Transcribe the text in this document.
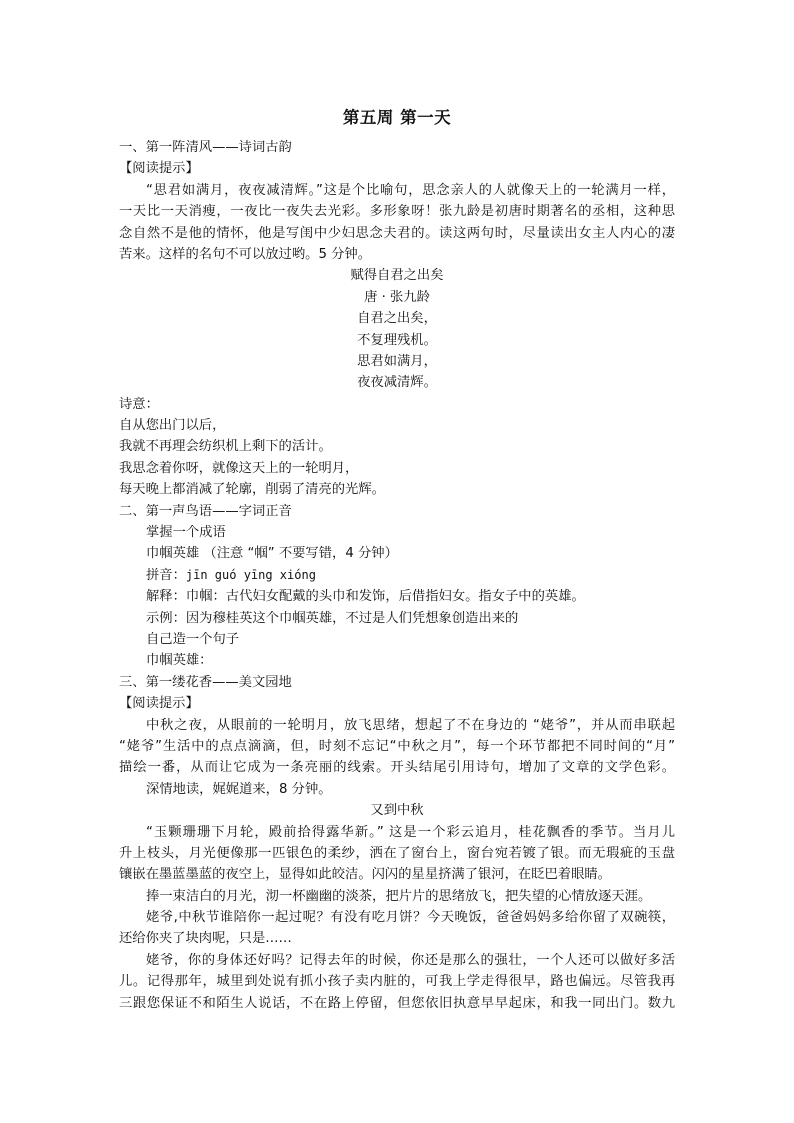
第五周 第一天
一、第一阵清风——诗词古韵
【阅读提示】
“思君如满月，夜夜减清辉。”这是个比喻句，思念亲人的人就像天上的一轮满月一样，
一天比一天消瘦，一夜比一夜失去光彩。多形象呀！张九龄是初唐时期著名的丞相，这种思
念自然不是他的情怀，他是写闺中少妇思念夫君的。读这两句时，尽量读出女主人内心的凄
苦来。这样的名句不可以放过哟。5 分钟。
赋得自君之出矣
唐 · 张九龄
自君之出矣，
不复理残机。
思君如满月，
夜夜减清辉。
诗意：
自从您出门以后，
我就不再理会纺织机上剩下的活计。
我思念着你呀，就像这天上的一轮明月，
每天晚上都消减了轮廓，削弱了清亮的光辉。
二、第一声鸟语——字词正音
掌握一个成语
巾帼英雄 （注意 “帼” 不要写错，4 分钟）
拼音：jīn guó yīng xióng
解释：巾帼：古代妇女配戴的头巾和发饰，后借指妇女。指女子中的英雄。
示例：因为穆桂英这个巾帼英雄，不过是人们凭想象创造出来的
自己造一个句子
巾帼英雄：
三、第一缕花香——美文园地
【阅读提示】
中秋之夜，从眼前的一轮明月，放飞思绪，想起了不在身边的 “姥爷”，并从而串联起
“姥爷”生活中的点点滴滴，但，时刻不忘记“中秋之月”，每一个环节都把不同时间的“月”
描绘一番，从而让它成为一条亮丽的线索。开头结尾引用诗句，增加了文章的文学色彩。
深情地读，娓娓道来，8 分钟。
又到中秋
“玉颗珊珊下月轮，殿前拾得露华新。” 这是一个彩云追月，桂花飘香的季节。当月儿
升上枝头，月光便像那一匹银色的柔纱，洒在了窗台上，窗台宛若镀了银。而无瑕疵的玉盘
镶嵌在墨蓝墨蓝的夜空上，显得如此皎洁。闪闪的星星挤满了银河，在眨巴着眼睛。
捧一束洁白的月光，沏一杯幽幽的淡茶，把片片的思绪放飞，把失望的心情放逐天涯。
姥爷,中秋节谁陪你一起过呢？有没有吃月饼？今天晚饭，爸爸妈妈多给你留了双碗筷，
还给你夹了块肉呢，只是……
姥爷，你的身体还好吗？记得去年的时候，你还是那么的强壮，一个人还可以做好多活
儿。记得那年，城里到处说有抓小孩子卖内脏的，可我上学走得很早，路也偏远。尽管我再
三跟您保证不和陌生人说话，不在路上停留，但您依旧执意早早起床，和我一同出门。数九
